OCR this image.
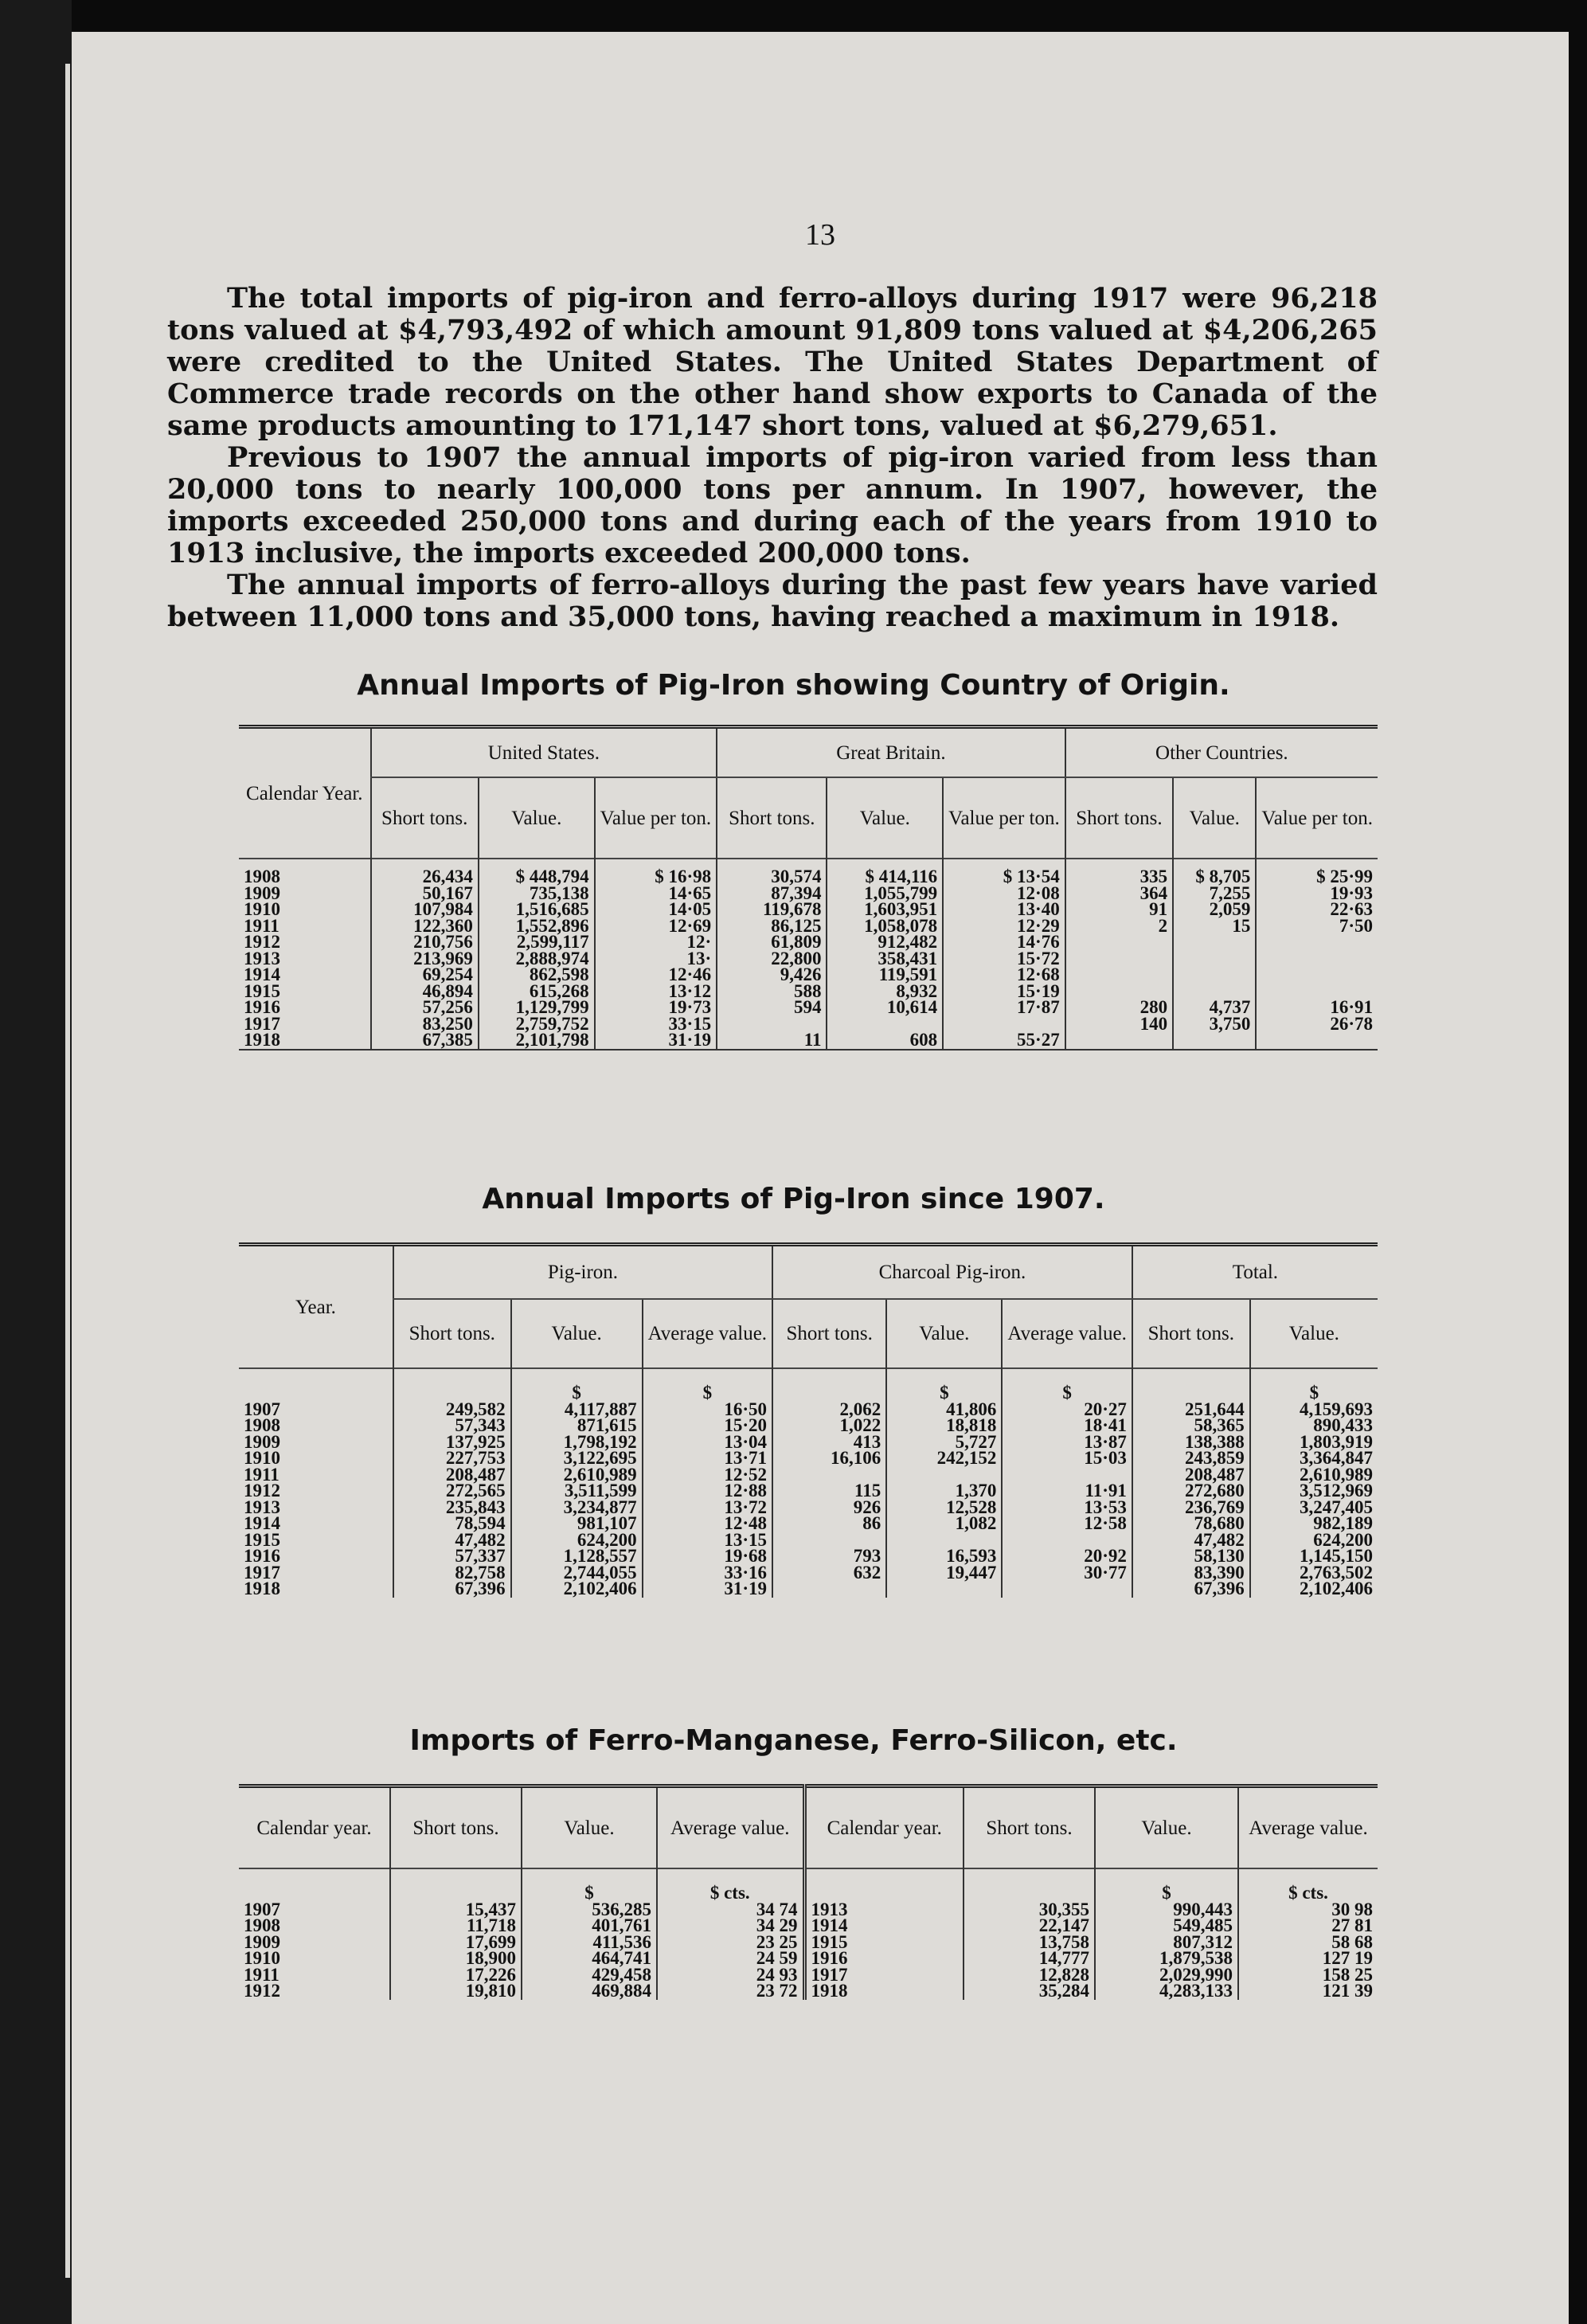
13

The total imports of pig-iron and ferro-alloys during 1917 were 96,218 tons valued at $4,793,492 of which amount 91,809 tons valued at $4,206,265 were credited to the United States. The United States Department of Commerce trade records on the other hand show exports to Canada of the same products amounting to 171,147 short tons, valued at $6,279,651.

Previous to 1907 the annual imports of pig-iron varied from less than 20,000 tons to nearly 100,000 tons per annum. In 1907, however, the imports exceeded 250,000 tons and during each of the years from 1910 to 1913 inclusive, the imports exceeded 200,000 tons.

The annual imports of ferro-alloys during the past few years have varied between 11,000 tons and 35,000 tons, having reached a maximum in 1918.

Annual Imports of Pig-Iron showing Country of Origin.
Calendar Year.	United States.			Great Britain.			Other Countries.		
	Short tons.	Value.	Value per ton.	Short tons.	Value.	Value per ton.	Short tons.	Value.	Value per ton.
1908	26,434	$ 448,794	$ 16·98	30,574	$ 414,116	$ 13·54	335	$ 8,705	$ 25·99
1909	50,167	735,138	14·65	87,394	1,055,799	12·08	364	7,255	19·93
1910	107,984	1,516,685	14·05	119,678	1,603,951	13·40	91	2,059	22·63
1911	122,360	1,552,896	12·69	86,125	1,058,078	12·29	2	15	7·50
1912	210,756	2,599,117	12·	61,809	912,482	14·76			
1913	213,969	2,888,974	13·	22,800	358,431	15·72			
1914	69,254	862,598	12·46	9,426	119,591	12·68			
1915	46,894	615,268	13·12	588	8,932	15·19			
1916	57,256	1,129,799	19·73	594	10,614	17·87	280	4,737	16·91
1917	83,250	2,759,752	33·15				140	3,750	26·78
1918	67,385	2,101,798	31·19	11	608	55·27			
Annual Imports of Pig-Iron since 1907.
Year.	Pig-iron.			Charcoal Pig-iron.			Total.	
	Short tons.	Value.	Average value.	Short tons.	Value.	Average value.	Short tons.	Value.
		$	$		$	$		$
1907	249,582	4,117,887	16·50	2,062	41,806	20·27	251,644	4,159,693
1908	57,343	871,615	15·20	1,022	18,818	18·41	58,365	890,433
1909	137,925	1,798,192	13·04	413	5,727	13·87	138,388	1,803,919
1910	227,753	3,122,695	13·71	16,106	242,152	15·03	243,859	3,364,847
1911	208,487	2,610,989	12·52				208,487	2,610,989
1912	272,565	3,511,599	12·88	115	1,370	11·91	272,680	3,512,969
1913	235,843	3,234,877	13·72	926	12,528	13·53	236,769	3,247,405
1914	78,594	981,107	12·48	86	1,082	12·58	78,680	982,189
1915	47,482	624,200	13·15				47,482	624,200
1916	57,337	1,128,557	19·68	793	16,593	20·92	58,130	1,145,150
1917	82,758	2,744,055	33·16	632	19,447	30·77	83,390	2,763,502
1918	67,396	2,102,406	31·19				67,396	2,102,406
Imports of Ferro-Manganese, Ferro-Silicon, etc.
Calendar year.	Short tons.	Value.	Average value.	Calendar year.	Short tons.	Value.	Average value.
		$	$ cts.			$	$ cts.
1907	15,437	536,285	34 74	1913	30,355	990,443	30 98
1908	11,718	401,761	34 29	1914	22,147	549,485	27 81
1909	17,699	411,536	23 25	1915	13,758	807,312	58 68
1910	18,900	464,741	24 59	1916	14,777	1,879,538	127 19
1911	17,226	429,458	24 93	1917	12,828	2,029,990	158 25
1912	19,810	469,884	23 72	1918	35,284	4,283,133	121 39
